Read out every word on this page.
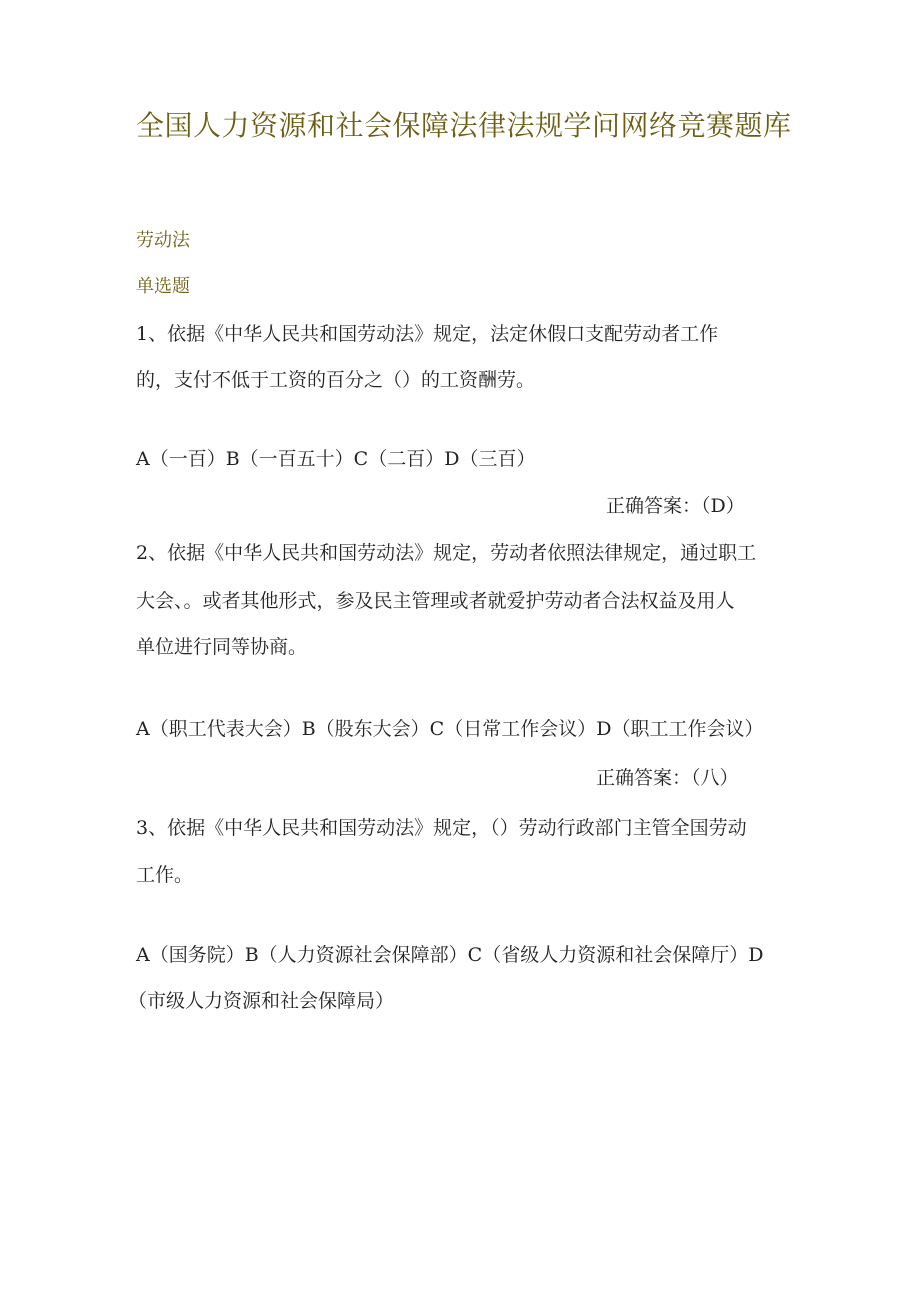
全国人力资源和社会保障法律法规学问网络竞赛题库
劳动法
单选题
1、依据《中华人民共和国劳动法》规定，法定休假口支配劳动者工作
的，支付不低于工资的百分之（）的工资酬劳。
A（一百）B（一百五十）C（二百）D（三百）
正确答案：（D）
2、依据《中华人民共和国劳动法》规定，劳动者依照法律规定，通过职工
大会、。或者其他形式，参及民主管理或者就爱护劳动者合法权益及用人
单位进行同等协商。
A（职工代表大会）B（股东大会）C（日常工作会议）D（职工工作会议）
正确答案：（八）
3、依据《中华人民共和国劳动法》规定，（）劳动行政部门主管全国劳动
工作。
A（国务院）B（人力资源社会保障部）C（省级人力资源和社会保障厅）D
（市级人力资源和社会保障局）
